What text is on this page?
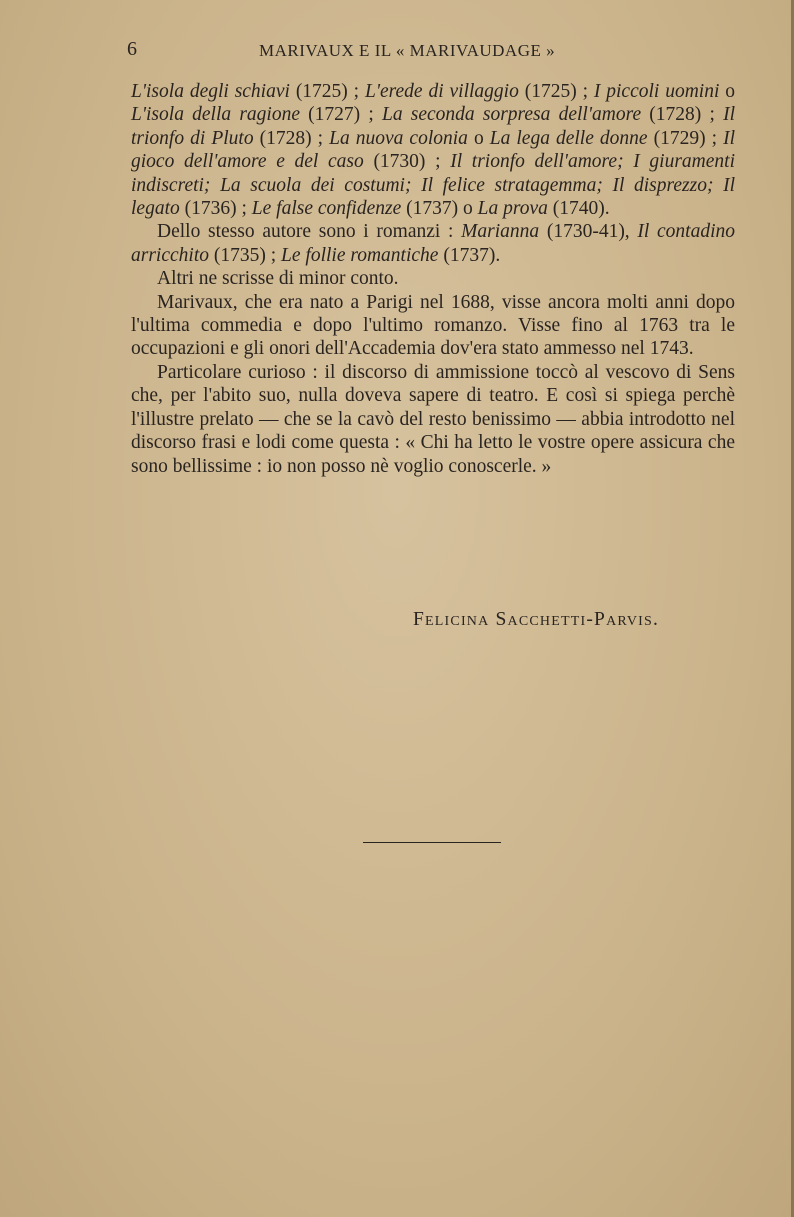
6	MARIVAUX E IL « MARIVAUDAGE »

L'isola degli schiavi (1725) ; L'erede di villaggio (1725) ; I piccoli uomini o L'isola della ragione (1727) ; La seconda sorpresa dell'amore (1728) ; Il trionfo di Pluto (1728) ; La nuova colonia o La lega delle donne (1729) ; Il gioco dell'amore e del caso (1730) ; Il trionfo dell'amore; I giuramenti indiscreti; La scuola dei costumi; Il felice stratagemma; Il disprezzo; Il legato (1736) ; Le false confidenze (1737) o La prova (1740).

Dello stesso autore sono i romanzi : Marianna (1730-41), Il contadino arricchito (1735) ; Le follie romantiche (1737).

Altri ne scrisse di minor conto.

Marivaux, che era nato a Parigi nel 1688, visse ancora molti anni dopo l'ultima commedia e dopo l'ultimo romanzo. Visse fino al 1763 tra le occupazioni e gli onori dell'Accademia dov'era stato ammesso nel 1743.

Particolare curioso : il discorso di ammissione toccò al vescovo di Sens che, per l'abito suo, nulla doveva sapere di teatro. E così si spiega perchè l'illustre prelato — che se la cavò del resto benissimo — abbia introdotto nel discorso frasi e lodi come questa : « Chi ha letto le vostre opere assicura che sono bellissime : io non posso nè voglio conoscerle. »

Felicina Sacchetti-Parvis.
